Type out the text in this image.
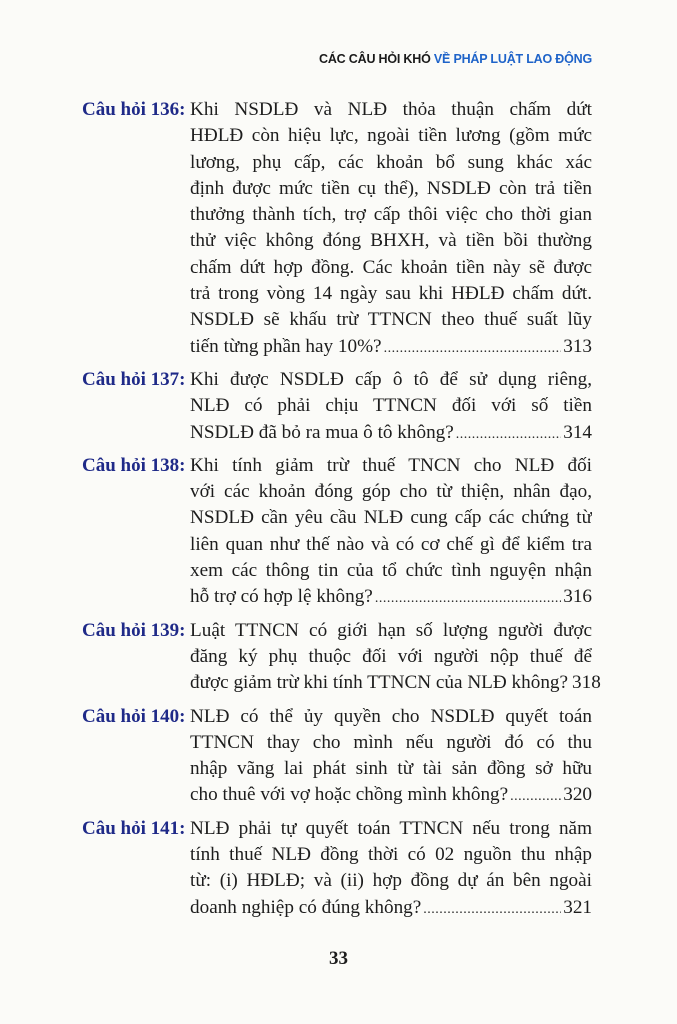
CÁC CÂU HỎI KHÓ VỀ PHÁP LUẬT LAO ĐỘNG
Câu hỏi 136: Khi NSDLĐ và NLĐ thỏa thuận chấm dứt
HĐLĐ còn hiệu lực, ngoài tiền lương (gồm mức
lương, phụ cấp, các khoản bổ sung khác xác
định được mức tiền cụ thể), NSDLĐ còn trả tiền
thưởng thành tích, trợ cấp thôi việc cho thời gian
thử việc không đóng BHXH, và tiền bồi thường
chấm dứt hợp đồng. Các khoản tiền này sẽ được
trả trong vòng 14 ngày sau khi HĐLĐ chấm dứt.
NSDLĐ sẽ khấu trừ TTNCN theo thuế suất lũy
tiến từng phần hay 10%? .....	313
Câu hỏi 137: Khi được NSDLĐ cấp ô tô để sử dụng riêng,
NLĐ có phải chịu TTNCN đối với số tiền
NSDLĐ đã bỏ ra mua ô tô không? .....	314
Câu hỏi 138: Khi tính giảm trừ thuế TNCN cho NLĐ đối
với các khoản đóng góp cho từ thiện, nhân đạo,
NSDLĐ cần yêu cầu NLĐ cung cấp các chứng từ
liên quan như thế nào và có cơ chế gì để kiểm tra
xem các thông tin của tổ chức tình nguyện nhận
hỗ trợ có hợp lệ không? .....	316
Câu hỏi 139: Luật TTNCN có giới hạn số lượng người được
đăng ký phụ thuộc đối với người nộp thuế để
được giảm trừ khi tính TTNCN của NLĐ không? 318
Câu hỏi 140: NLĐ có thể ủy quyền cho NSDLĐ quyết toán
TTNCN thay cho mình nếu người đó có thu
nhập vãng lai phát sinh từ tài sản đồng sở hữu
cho thuê với vợ hoặc chồng mình không? .....	320
Câu hỏi 141: NLĐ phải tự quyết toán TTNCN nếu trong năm
tính thuế NLĐ đồng thời có 02 nguồn thu nhập
từ: (i) HĐLĐ; và (ii) hợp đồng dự án bên ngoài
doanh nghiệp có đúng không? .....	321
33
